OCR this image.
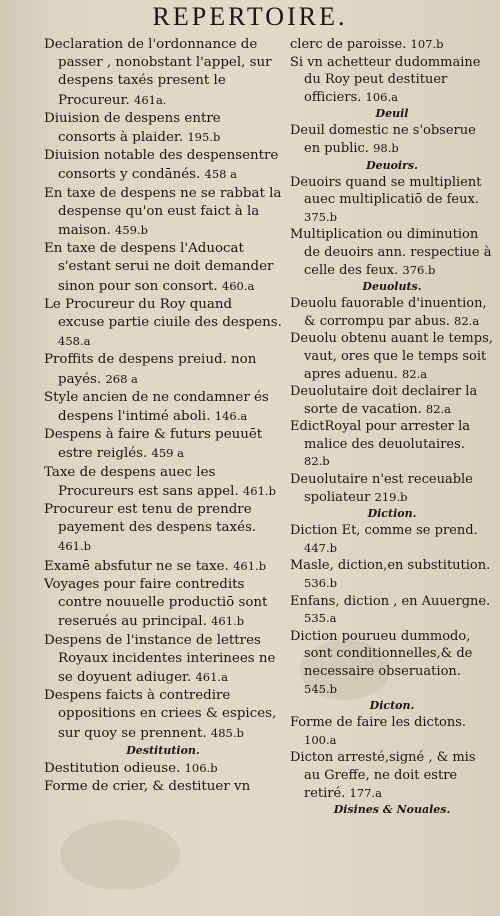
REPERTOIRE.

Declaration de l'ordonnance de passer , nonobstant l'appel, sur despens taxés present le Procureur. 461a.

Diuision de despens entre consorts à plaider. 195.b

Diuision notable des despensentre consorts y condānés. 458 a

En taxe de despens ne se rabbat la despense qu'on eust faict à la maison. 459.b

En taxe de despens l'Aduocat s'estant serui ne doit demander sinon pour son consort. 460.a

Le Procureur du Roy quand excuse partie ciuile des despens. 458.a

Proffits de despens preiud. non payés. 268 a

Style ancien de ne condamner és despens l'intimé aboli. 146.a

Despens à faire & futurs peuuēt estre reiglés. 459 a

Taxe de despens auec les Procureurs est sans appel. 461.b

Procureur est tenu de prendre payement des despens taxés. 461.b

Examē absfutur ne se taxe. 461.b

Voyages pour faire contredits contre nouuelle productiō sont reserués au principal. 461.b

Despens de l'instance de lettres Royaux incidentes interinees ne se doyuent adiuger. 461.a

Despens faicts à contredire oppositions en criees & espices, sur quoy se prennent. 485.b

Destitution.

Destitution odieuse. 106.b

Forme de crier, & destituer vn

clerc de paroisse. 107.b

Si vn achetteur dudommaine du Roy peut destituer officiers. 106.a

Deuil

Deuil domestic ne s'obserue en public. 98.b

Deuoirs.

Deuoirs quand se multiplient auec multiplicatiō de feux. 375.b

Multiplication ou diminution de deuoirs ann. respectiue à celle des feux. 376.b

Deuoluts.

Deuolu fauorable d'inuention, & corrompu par abus. 82.a

Deuolu obtenu auant le temps, vaut, ores que le temps soit apres aduenu. 82.a

Deuolutaire doit declairer la sorte de vacation. 82.a

EdictRoyal pour arrester la malice des deuolutaires. 82.b

Deuolutaire n'est receuable spoliateur 219.b

Diction.

Diction Et, comme se prend. 447.b

Masle, diction,en substitution. 536.b

Enfans, diction , en Auuergne. 535.a

Diction pourueu dummodo, sont conditionnelles,& de necessaire obseruation. 545.b

Dicton.

Forme de faire les dictons. 100.a

Dicton arresté,signé , & mis au Greffe, ne doit estre retiré. 177.a

Disines & Nouales.
